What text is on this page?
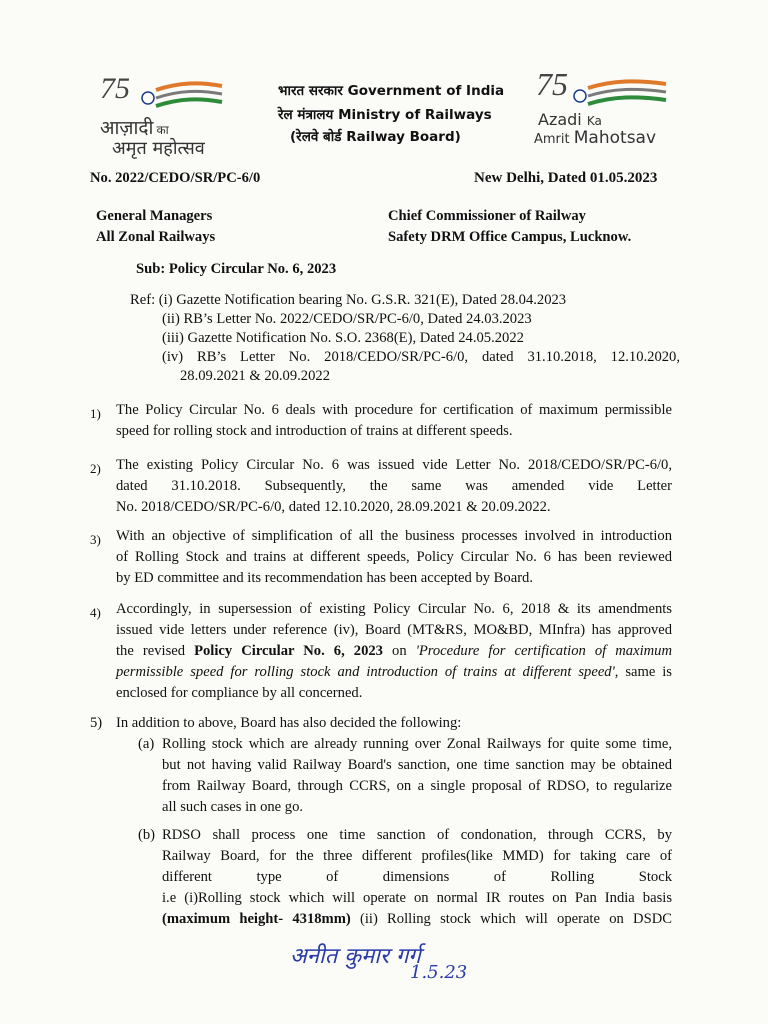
75
आज़ादी का
अमृत महोत्सव
भारत सरकार Government of India
रेल मंत्रालय Ministry of Railways
(रेलवे बोर्ड Railway Board)
75
Azadi Ka
Amrit Mahotsav
No. 2022/CEDO/SR/PC-6/0	New Delhi, Dated 01.05.2023
General Managers
All Zonal Railways
Chief Commissioner of Railway
Safety DRM Office Campus, Lucknow.
Sub: Policy Circular No. 6, 2023
Ref: (i) Gazette Notification bearing No. G.S.R. 321(E), Dated 28.04.2023
(ii) RB’s Letter No. 2022/CEDO/SR/PC-6/0, Dated 24.03.2023
(iii) Gazette Notification No. S.O. 2368(E), Dated 24.05.2022
(iv) RB’s Letter No. 2018/CEDO/SR/PC-6/0, dated 31.10.2018, 12.10.2020,
28.09.2021 & 20.09.2022
1) The Policy Circular No. 6 deals with procedure for certification of maximum permissible
speed for rolling stock and introduction of trains at different speeds.
2) The existing Policy Circular No. 6 was issued vide Letter No. 2018/CEDO/SR/PC-6/0,
dated 31.10.2018. Subsequently, the same was amended vide Letter
No. 2018/CEDO/SR/PC-6/0, dated 12.10.2020, 28.09.2021 & 20.09.2022.
3) With an objective of simplification of all the business processes involved in introduction
of Rolling Stock and trains at different speeds, Policy Circular No. 6 has been reviewed
by ED committee and its recommendation has been accepted by Board.
4) Accordingly, in supersession of existing Policy Circular No. 6, 2018 & its amendments
issued vide letters under reference (iv), Board (MT&RS, MO&BD, MInfra) has approved
the revised Policy Circular No. 6, 2023 on 'Procedure for certification of maximum
permissible speed for rolling stock and introduction of trains at different speed', same is
enclosed for compliance by all concerned.
5) In addition to above, Board has also decided the following:
(a) Rolling stock which are already running over Zonal Railways for quite some time,
but not having valid Railway Board's sanction, one time sanction may be obtained
from Railway Board, through CCRS, on a single proposal of RDSO, to regularize
all such cases in one go.
(b) RDSO shall process one time sanction of condonation, through CCRS, by
Railway Board, for the three different profiles(like MMD) for taking care of
different type of dimensions of Rolling Stock
i.e (i)Rolling stock which will operate on normal IR routes on Pan India basis
(maximum height- 4318mm) (ii) Rolling stock which will operate on DSDC
अनीत कुमार गर्ग
1.5.23
